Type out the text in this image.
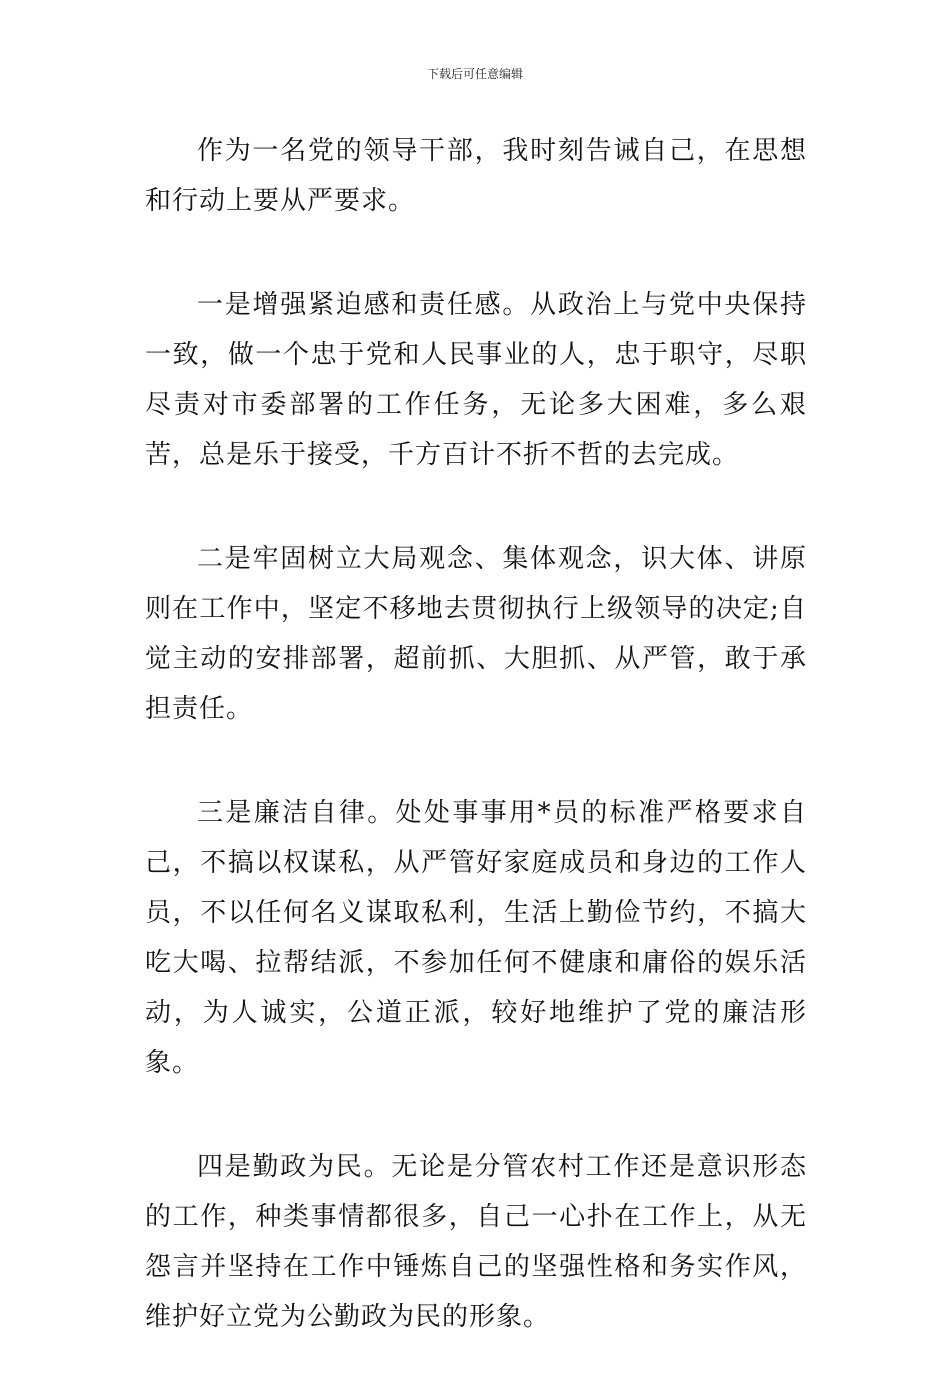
下载后可任意编辑

作为一名党的领导干部，我时刻告诫自己，在思想和行动上要从严要求。

一是增强紧迫感和责任感。从政治上与党中央保持一致，做一个忠于党和人民事业的人，忠于职守，尽职尽责对市委部署的工作任务，无论多大困难，多么艰苦，总是乐于接受，千方百计不折不哲的去完成。

二是牢固树立大局观念、集体观念，识大体、讲原则在工作中，坚定不移地去贯彻执行上级领导的决定;自觉主动的安排部署，超前抓、大胆抓、从严管，敢于承担责任。

三是廉洁自律。处处事事用*员的标准严格要求自己，不搞以权谋私，从严管好家庭成员和身边的工作人员，不以任何名义谋取私利，生活上勤俭节约，不搞大吃大喝、拉帮结派，不参加任何不健康和庸俗的娱乐活动，为人诚实，公道正派，较好地维护了党的廉洁形象。

四是勤政为民。无论是分管农村工作还是意识形态的工作，种类事情都很多，自己一心扑在工作上，从无怨言并坚持在工作中锤炼自己的坚强性格和务实作风，维护好立党为公勤政为民的形象。
